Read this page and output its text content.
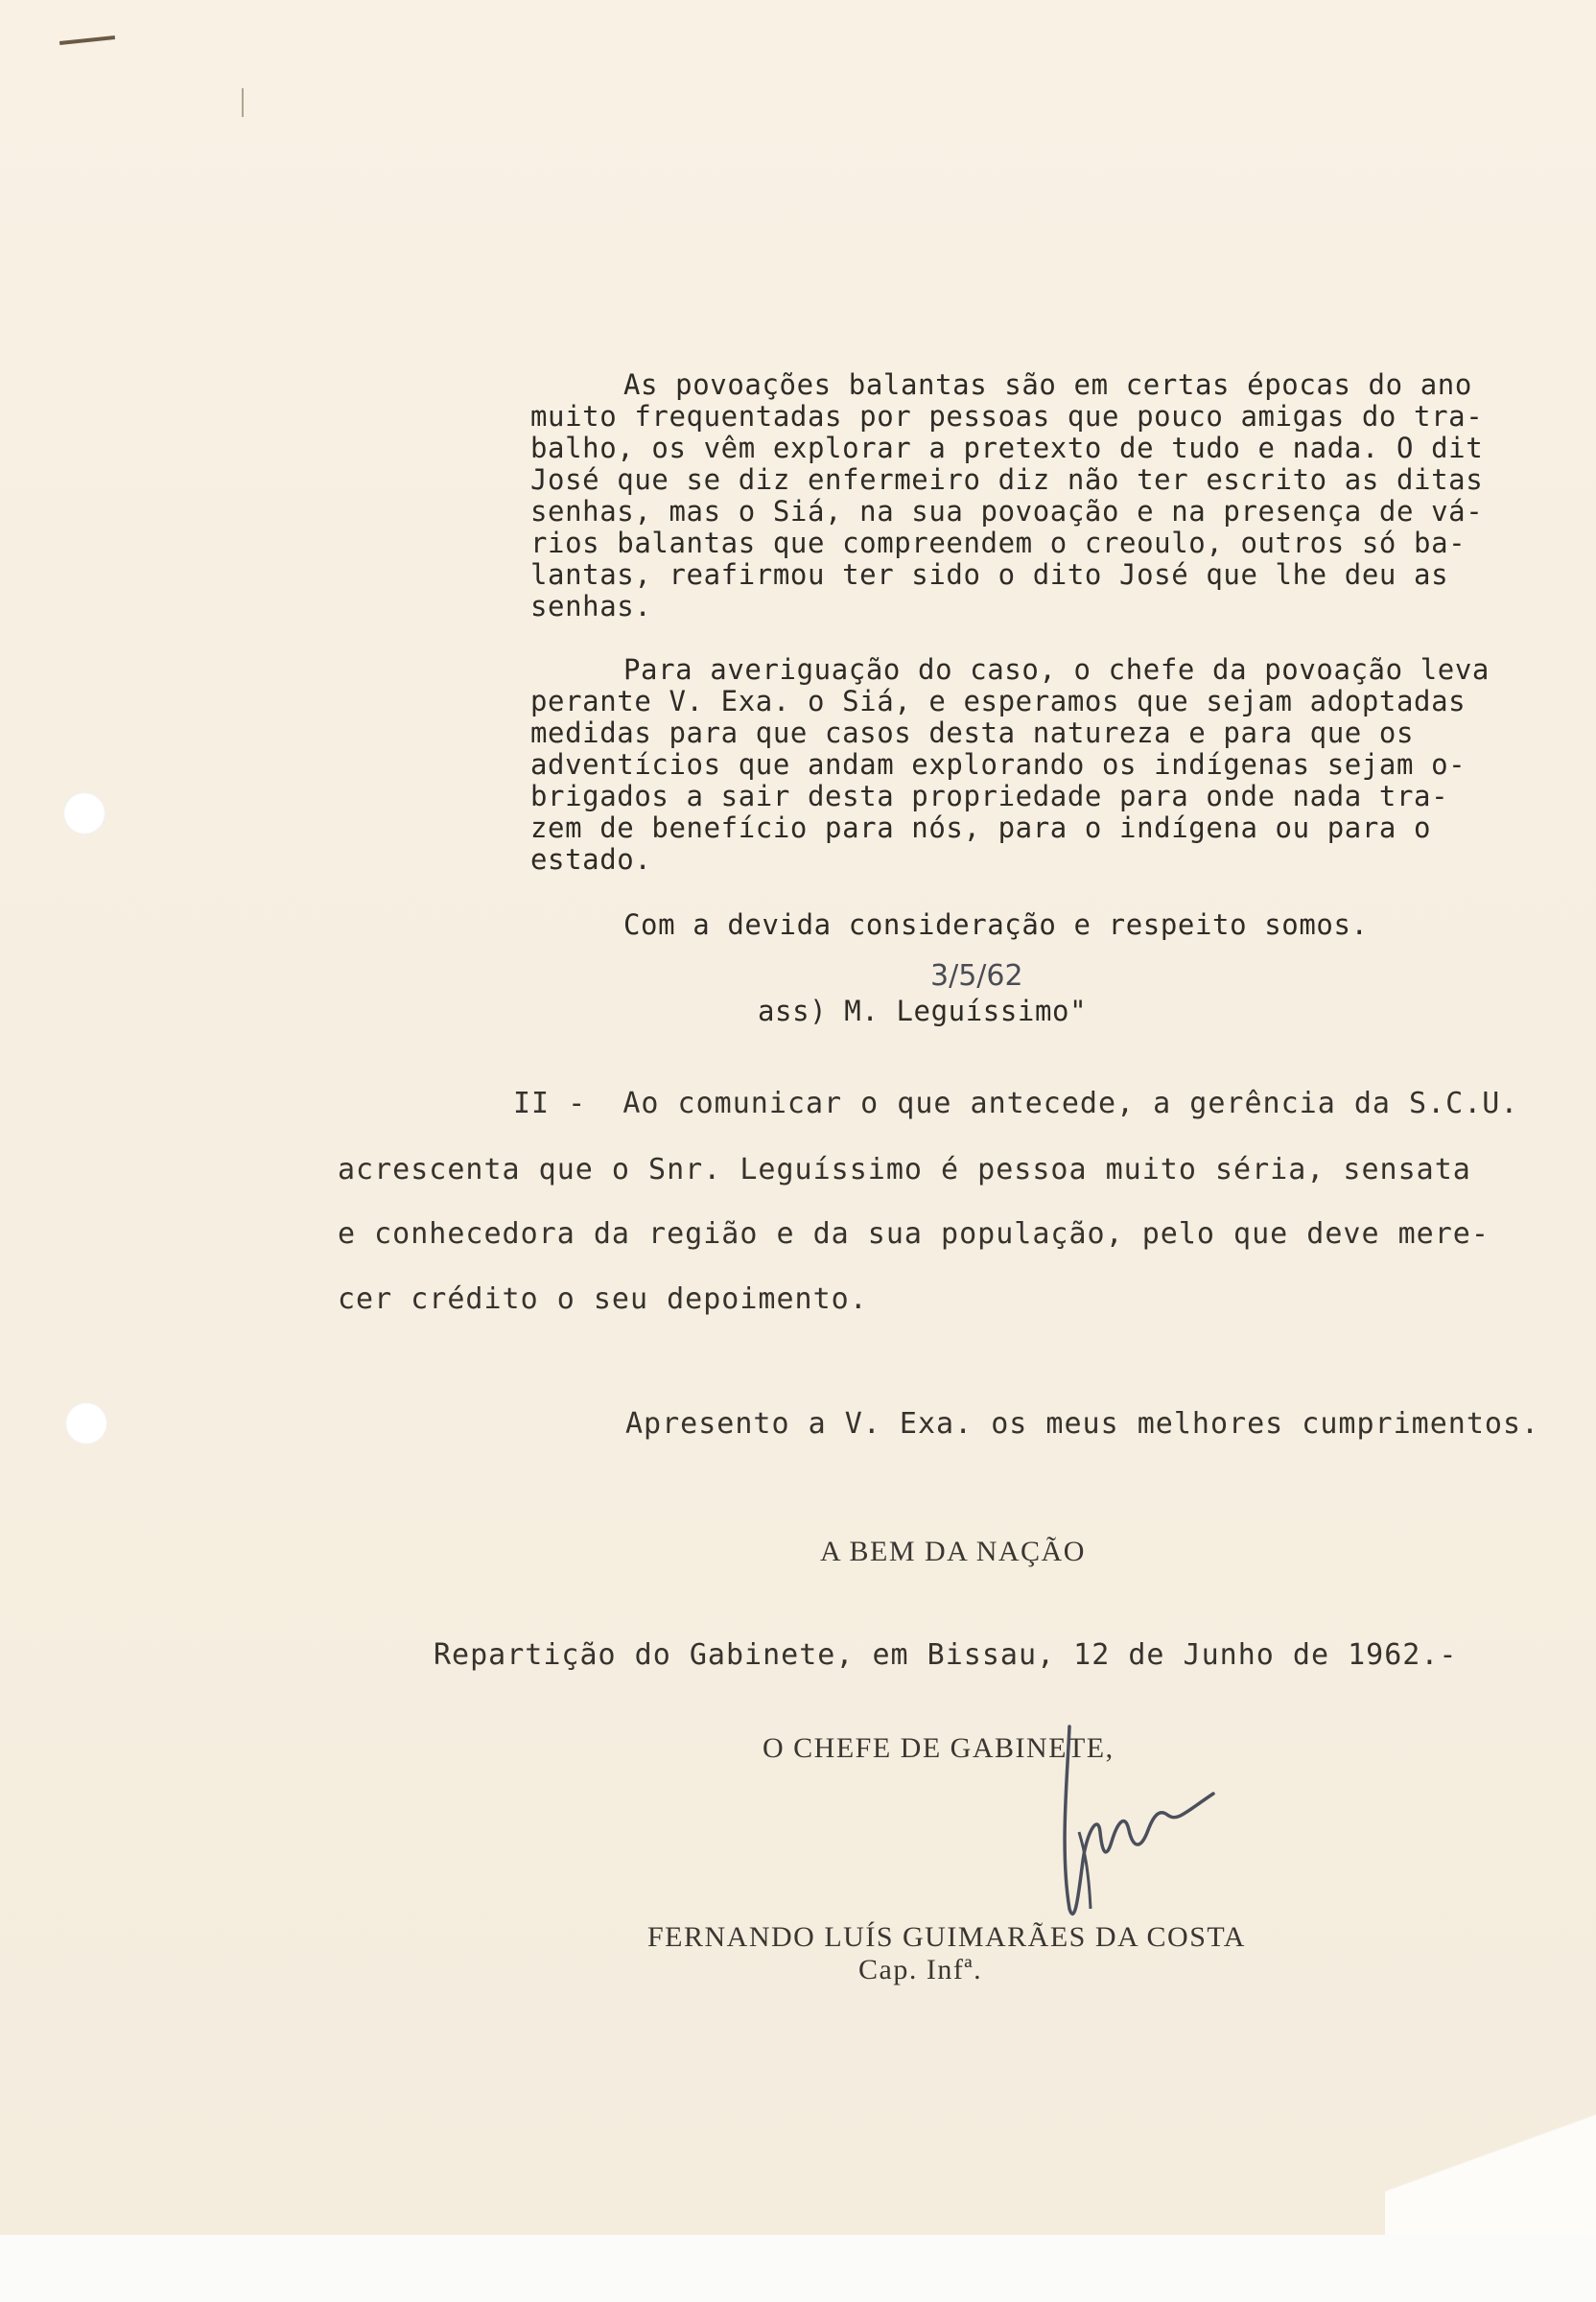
As povoações balantas são em certas épocas do ano
muito frequentadas por pessoas que pouco amigas do tra-
balho, os vêm explorar a pretexto de tudo e nada. O dit
José que se diz enfermeiro diz não ter escrito as ditas
senhas, mas o Siá, na sua povoação e na presença de vá-
rios balantas que compreendem o creoulo, outros só ba-
lantas, reafirmou ter sido o dito José que lhe deu as
senhas.
Para averiguação do caso, o chefe da povoação leva
perante V. Exa. o Siá, e esperamos que sejam adoptadas
medidas para que casos desta natureza e para que os
adventícios que andam explorando os indígenas sejam o-
brigados a sair desta propriedade para onde nada tra-
zem de benefício para nós, para o indígena ou para o
estado.
Com a devida consideração e respeito somos.
3/5/62
ass) M. Leguíssimo"
II -  Ao comunicar o que antecede, a gerência da S.C.U.
acrescenta que o Snr. Leguíssimo é pessoa muito séria, sensata
e conhecedora da região e da sua população, pelo que deve mere-
cer crédito o seu depoimento.
Apresento a V. Exa. os meus melhores cumprimentos.
A BEM DA NAÇÃO
Repartição do Gabinete, em Bissau, 12 de Junho de 1962.-
O CHEFE DE GABINETE,
FERNANDO LUÍS GUIMARÃES DA COSTA
Cap. Infª.
